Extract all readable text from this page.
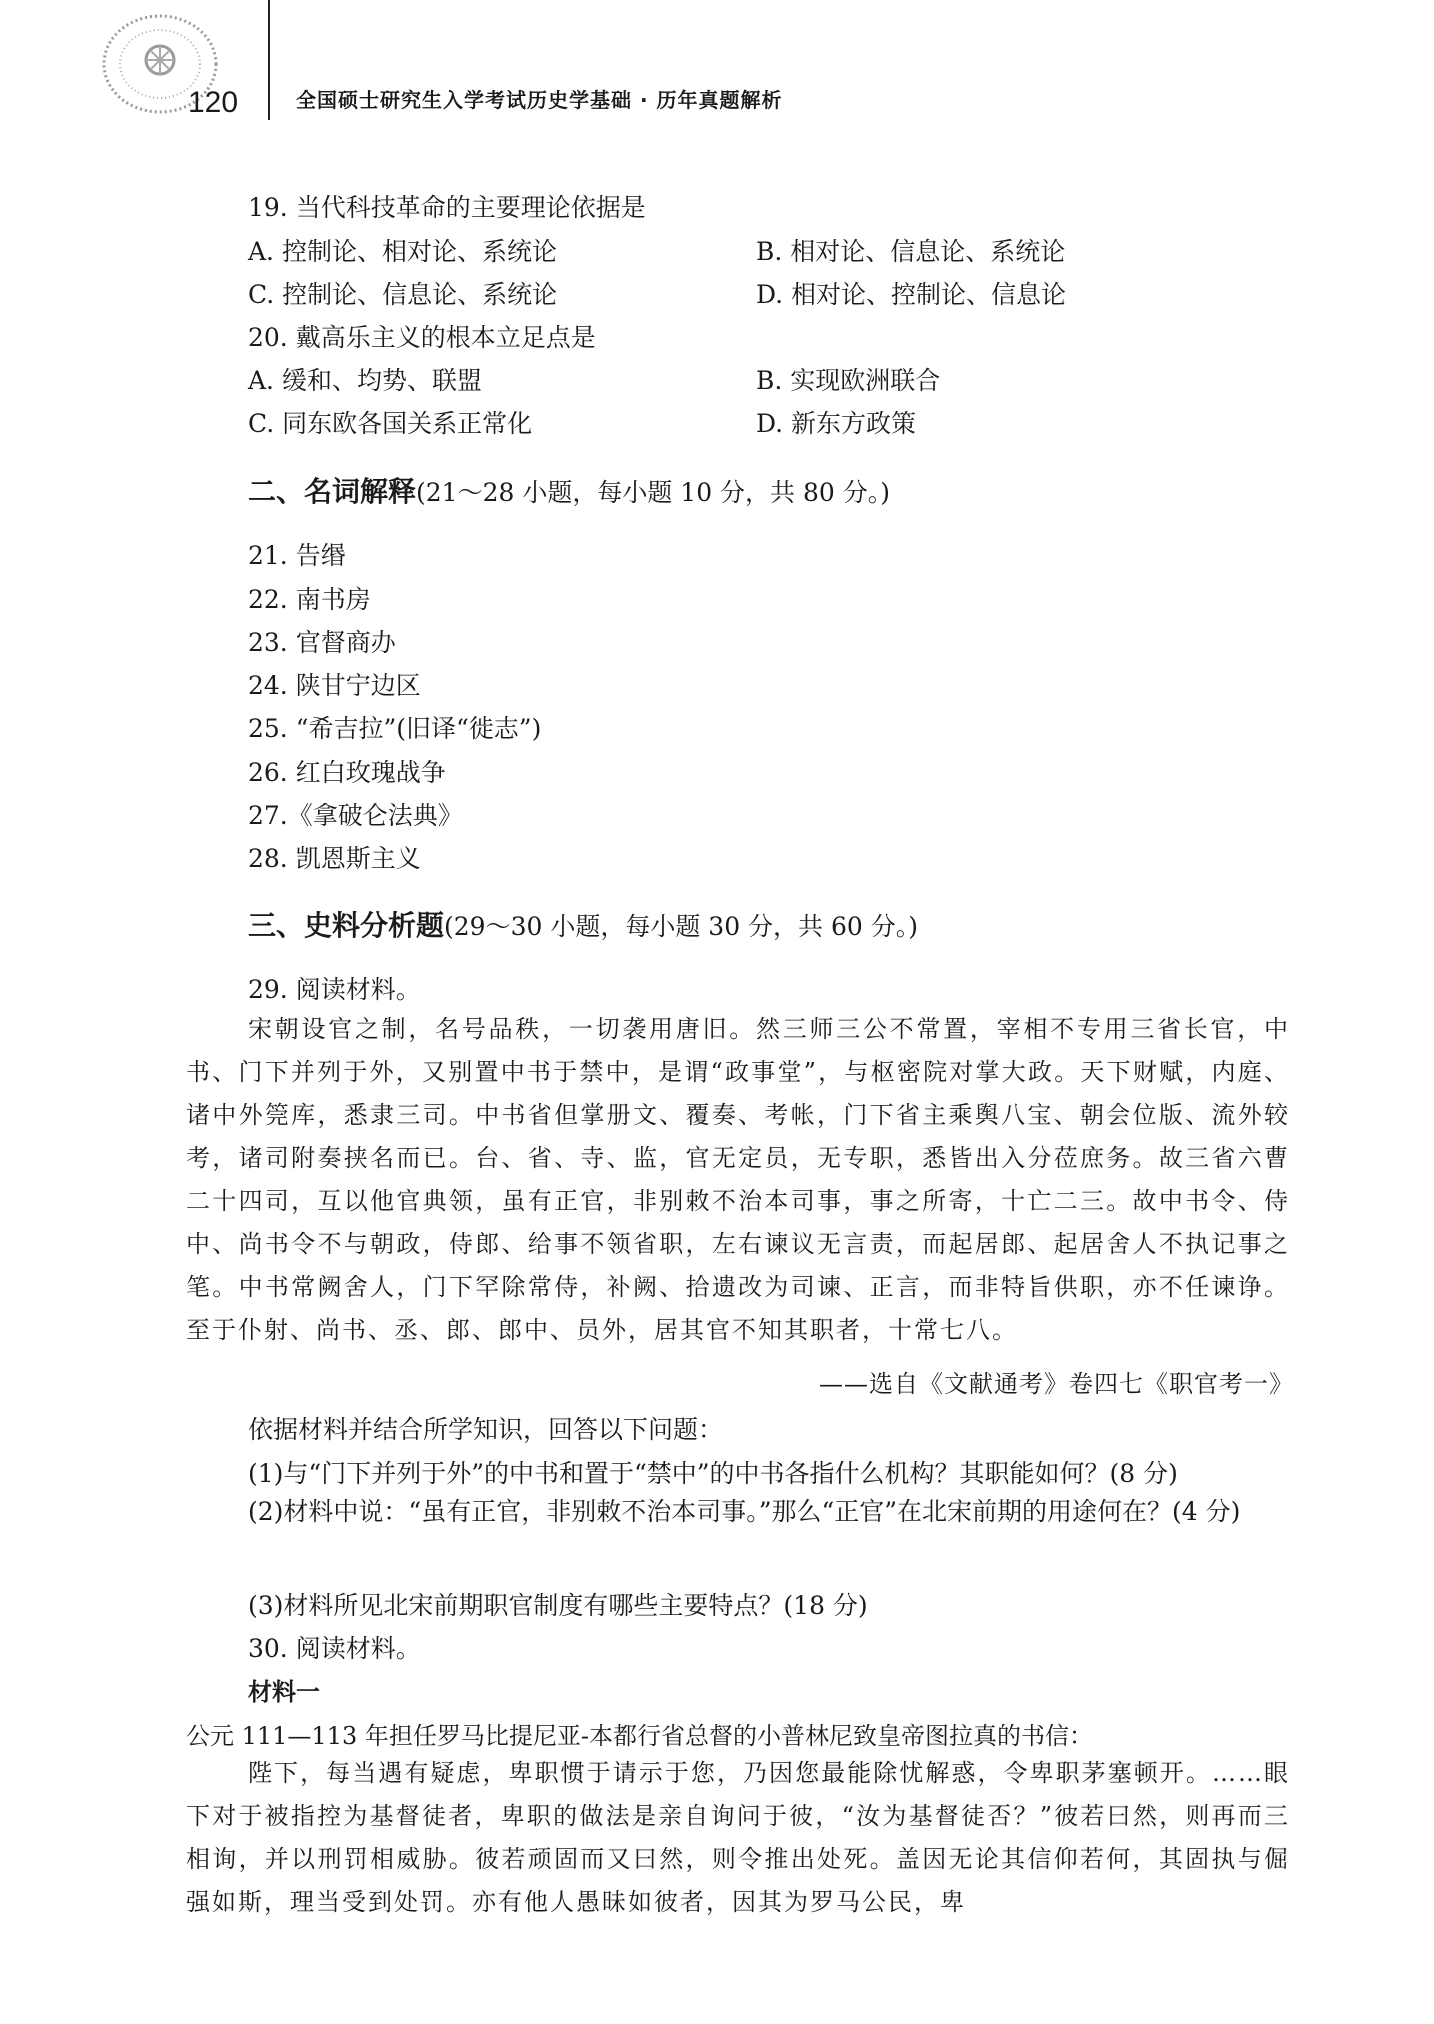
120	全国硕士研究生入学考试历史学基础 · 历年真题解析
19. 当代科技革命的主要理论依据是
A. 控制论、相对论、系统论	B. 相对论、信息论、系统论
C. 控制论、信息论、系统论	D. 相对论、控制论、信息论
20. 戴高乐主义的根本立足点是
A. 缓和、均势、联盟	B. 实现欧洲联合
C. 同东欧各国关系正常化	D. 新东方政策
二、名词解释(21～28 小题，每小题 10 分，共 80 分。)
21. 告缗
22. 南书房
23. 官督商办
24. 陕甘宁边区
25. “希吉拉”(旧译“徙志”)
26. 红白玫瑰战争
27.《拿破仑法典》
28. 凯恩斯主义
三、史料分析题(29～30 小题，每小题 30 分，共 60 分。)
29. 阅读材料。
宋朝设官之制，名号品秩，一切袭用唐旧。然三师三公不常置，宰相不专用三省长官，中书、门下并列于外，又别置中书于禁中，是谓“政事堂”，与枢密院对掌大政。天下财赋，内庭、诸中外筦库，悉隶三司。中书省但掌册文、覆奏、考帐，门下省主乘舆八宝、朝会位版、流外较考，诸司附奏挟名而已。台、省、寺、监，官无定员，无专职，悉皆出入分莅庶务。故三省六曹二十四司，互以他官典领，虽有正官，非别敕不治本司事，事之所寄，十亡二三。故中书令、侍中、尚书令不与朝政，侍郎、给事不领省职，左右谏议无言责，而起居郎、起居舍人不执记事之笔。中书常阙舍人，门下罕除常侍，补阙、拾遗改为司谏、正言，而非特旨供职，亦不任谏诤。至于仆射、尚书、丞、郎、郎中、员外，居其官不知其职者，十常七八。
——选自《文献通考》卷四七《职官考一》
依据材料并结合所学知识，回答以下问题：
(1)与“门下并列于外”的中书和置于“禁中”的中书各指什么机构？其职能如何？(8 分)
(2)材料中说：“虽有正官，非别敕不治本司事。”那么“正官”在北宋前期的用途何在？(4 分)
(3)材料所见北宋前期职官制度有哪些主要特点？(18 分)
30. 阅读材料。
材料一
公元 111—113 年担任罗马比提尼亚-本都行省总督的小普林尼致皇帝图拉真的书信：
陛下，每当遇有疑虑，卑职惯于请示于您，乃因您最能除忧解惑，令卑职茅塞顿开。……眼下对于被指控为基督徒者，卑职的做法是亲自询问于彼，“汝为基督徒否？”彼若曰然，则再而三相询，并以刑罚相威胁。彼若顽固而又曰然，则令推出处死。盖因无论其信仰若何，其固执与倔强如斯，理当受到处罚。亦有他人愚昧如彼者，因其为罗马公民，卑
